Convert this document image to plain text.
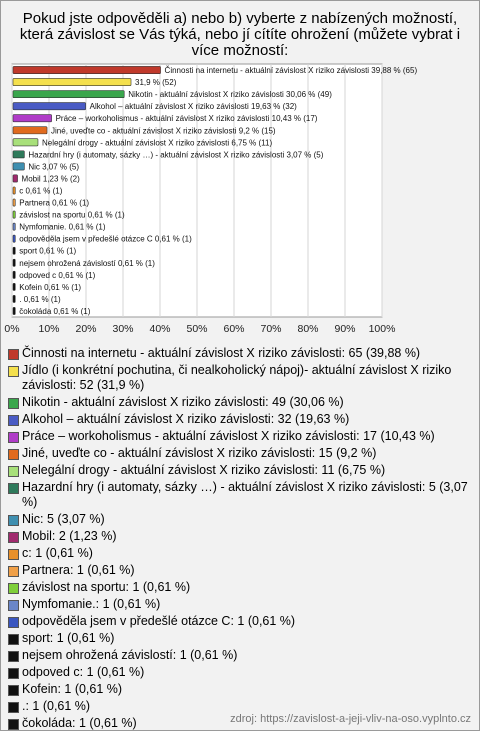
Pokud jste odpověděli a) nebo b) vyberte z nabízených možností, která závislost se Vás týká, nebo jí cítíte ohrožení (můžete vybrat i více možností:
0% 10% 20% 30% 40% 50% 60% 70% 80% 90% 100%
Činnosti na internetu - aktuální závislost X riziko závislosti 39,88 % (65)
31,9 % (52)
Nikotin - aktuální závislost X riziko závislosti 30,06 % (49)
Alkohol – aktuální závislost X riziko závislosti 19,63 % (32)
Práce – workoholismus - aktuální závislost X riziko závislosti 10,43 % (17)
Jiné, uveďte co - aktuální závislost X riziko závislosti 9,2 % (15)
Nelegální drogy - aktuální závislost X riziko závislosti 6,75 % (11)
Hazardní hry (i automaty, sázky …) - aktuální závislost X riziko závislosti 3,07 % (5)
Nic 3,07 % (5)
Mobil 1,23 % (2)
c 0,61 % (1)
Partnera 0,61 % (1)
závislost na sportu 0,61 % (1)
Nymfomanie. 0,61 % (1)
odpověděla jsem v předešlé otázce C 0,61 % (1)
sport 0,61 % (1)
nejsem ohrožená závislostí 0,61 % (1)
odpoved c 0,61 % (1)
Kofein 0,61 % (1)
. 0,61 % (1)
čokoláda 0,61 % (1)
Činnosti na internetu - aktuální závislost X riziko závislosti: 65 (39,88 %)
Jídlo (i konkrétní pochutina, či nealkoholický nápoj)- aktuální závislost X riziko závislosti: 52 (31,9 %)
Nikotin - aktuální závislost X riziko závislosti: 49 (30,06 %)
Alkohol – aktuální závislost X riziko závislosti: 32 (19,63 %)
Práce – workoholismus - aktuální závislost X riziko závislosti: 17 (10,43 %)
Jiné, uveďte co - aktuální závislost X riziko závislosti: 15 (9,2 %)
Nelegální drogy - aktuální závislost X riziko závislosti: 11 (6,75 %)
Hazardní hry (i automaty, sázky …) - aktuální závislost X riziko závislosti: 5 (3,07 %)
Nic: 5 (3,07 %)
Mobil: 2 (1,23 %)
c: 1 (0,61 %)
Partnera: 1 (0,61 %)
závislost na sportu: 1 (0,61 %)
Nymfomanie.: 1 (0,61 %)
odpověděla jsem v předešlé otázce C: 1 (0,61 %)
sport: 1 (0,61 %)
nejsem ohrožená závislostí: 1 (0,61 %)
odpoved c: 1 (0,61 %)
Kofein: 1 (0,61 %)
.: 1 (0,61 %)
čokoláda: 1 (0,61 %)	zdroj: https://zavislost-a-jeji-vliv-na-oso.vyplnto.cz
